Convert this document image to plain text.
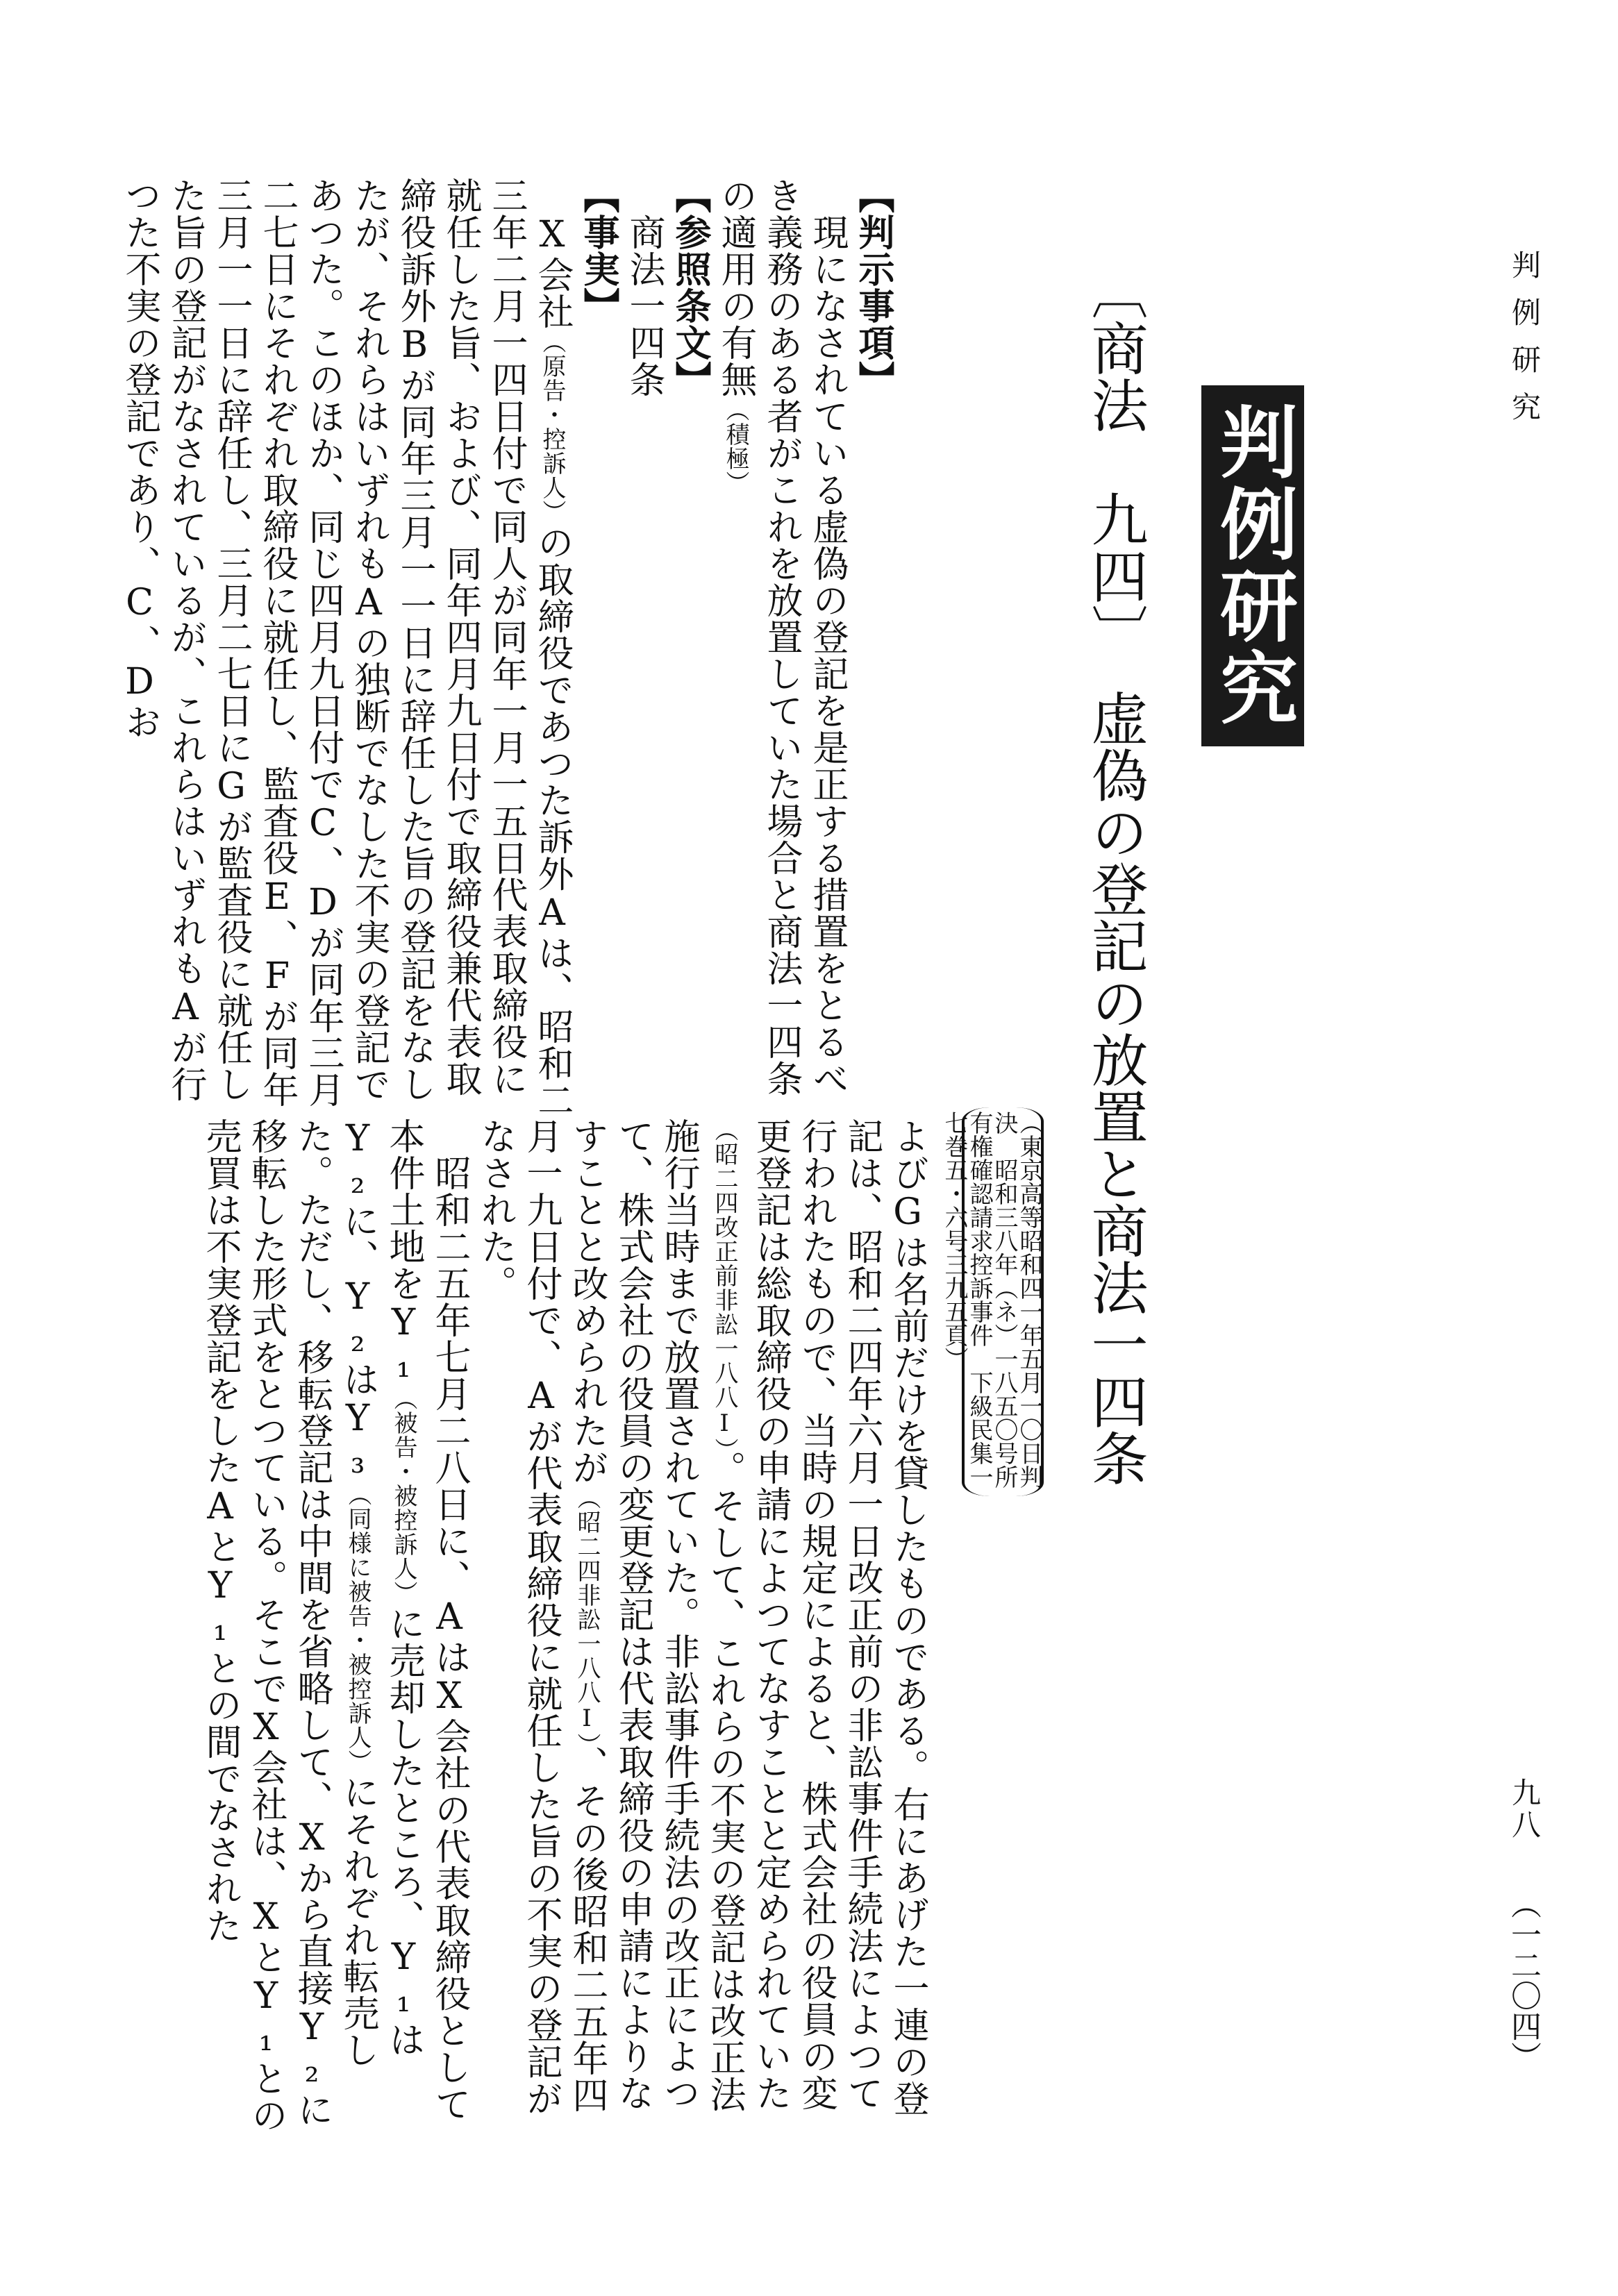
判例研究
九八
（一二〇四）
判例研究
〔商法　九四〕　虚偽の登記の放置と商法一四条
（東京高等昭和四一年五月一〇日判決　昭和三八年（ネ）一八五〇号所有権確認請求控訴事件　下級民集一七巻五・六号三九五頁）
【判示事項】
　現になされている虚偽の登記を是正する措置をとるべき義務のある者がこれを放置していた場合と商法一四条の適用の有無（積極）
【参照条文】
　商法一四条
【事実】
　X会社（原告・控訴人）の取締役であつた訴外Aは、昭和二三年二月一四日付で同人が同年一月一五日代表取締役に就任した旨、および、同年四月九日付で取締役兼代表取締役訴外Bが同年三月一一日に辞任した旨の登記をなしたが、それらはいずれもAの独断でなした不実の登記であつた。このほか、同じ四月九日付でC、Dが同年三月二七日にそれぞれ取締役に就任し、監査役E、Fが同年三月一一日に辞任し、三月二七日にGが監査役に就任した旨の登記がなされているが、これらはいずれもAが行つた不実の登記であり、C、Dお
よびGは名前だけを貸したものである。右にあげた一連の登記は、昭和二四年六月一日改正前の非訟事件手続法によつて行われたもので、当時の規定によると、株式会社の役員の変更登記は総取締役の申請によつてなすことと定められていた（昭二四改正前非訟一八八Ⅰ）。そして、これらの不実の登記は改正法施行当時まで放置されていた。非訟事件手続法の改正によつて、株式会社の役員の変更登記は代表取締役の申請によりなすことと改められたが（昭二四非訟一八八Ⅰ）、その後昭和二五年四月一九日付で、Aが代表取締役に就任した旨の不実の登記がなされた。
　昭和二五年七月二八日に、AはX会社の代表取締役として本件土地をY₁（被告・被控訴人）に売却したところ、Y₁はY₂に、Y₂はY₃（同様に被告・被控訴人）にそれぞれ転売した。ただし、移転登記は中間を省略して、Xから直接Y₂に移転した形式をとつている。そこでX会社は、XとY₁との売買は不実登記をしたAとY₁との間でなされた
